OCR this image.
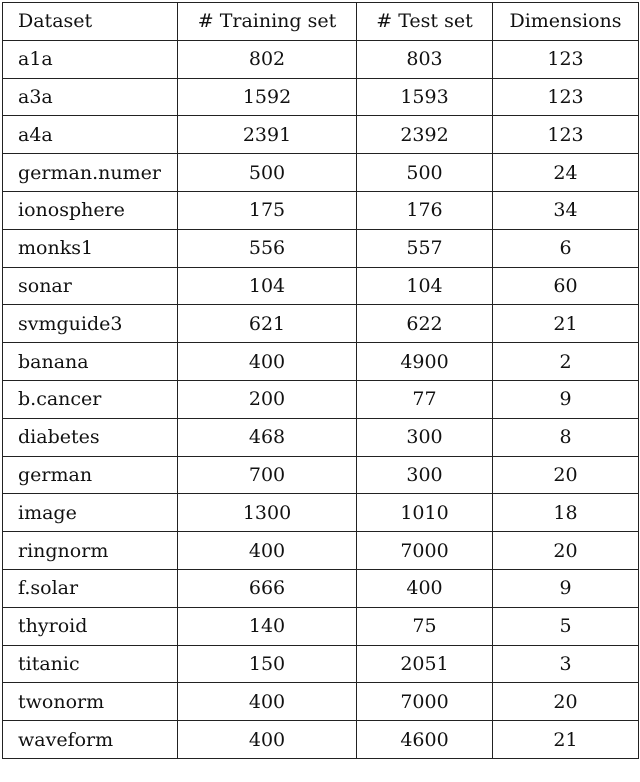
Dataset	# Training set	# Test set	Dimensions
a1a	802	803	123
a3a	1592	1593	123
a4a	2391	2392	123
german.numer	500	500	24
ionosphere	175	176	34
monks1	556	557	6
sonar	104	104	60
svmguide3	621	622	21
banana	400	4900	2
b.cancer	200	77	9
diabetes	468	300	8
german	700	300	20
image	1300	1010	18
ringnorm	400	7000	20
f.solar	666	400	9
thyroid	140	75	5
titanic	150	2051	3
twonorm	400	7000	20
waveform	400	4600	21
